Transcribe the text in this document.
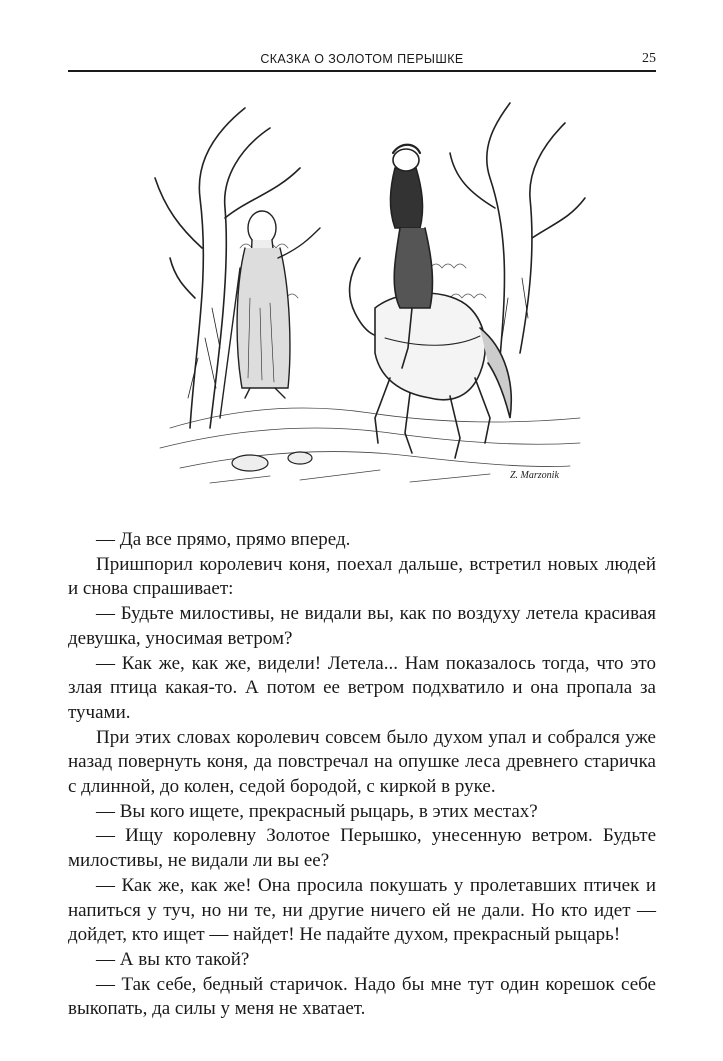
СКАЗКА О ЗОЛОТОМ ПЕРЫШКЕ	25
Z. Marzonik

— Да все прямо, прямо вперед.

Пришпорил королевич коня, поехал дальше, встретил новых людей и снова спрашивает:

— Будьте милостивы, не видали вы, как по воздуху летела красивая девушка, уносимая ветром?

— Как же, как же, видели! Летела... Нам показалось тогда, что это злая птица какая-то. А потом ее ветром подхватило и она пропала за тучами.

При этих словах королевич совсем было духом упал и собрался уже назад повернуть коня, да повстречал на опушке леса древнего старичка с длинной, до колен, седой бородой, с киркой в руке.

— Вы кого ищете, прекрасный рыцарь, в этих местах?

— Ищу королевну Золотое Перышко, унесенную ветром. Будьте милостивы, не видали ли вы ее?

— Как же, как же! Она просила покушать у пролетавших птичек и напиться у туч, но ни те, ни другие ничего ей не дали. Но кто идет — дойдет, кто ищет — найдет! Не падайте духом, прекрасный рыцарь!

— А вы кто такой?

— Так себе, бедный старичок. Надо бы мне тут один корешок себе выкопать, да силы у меня не хватает.
